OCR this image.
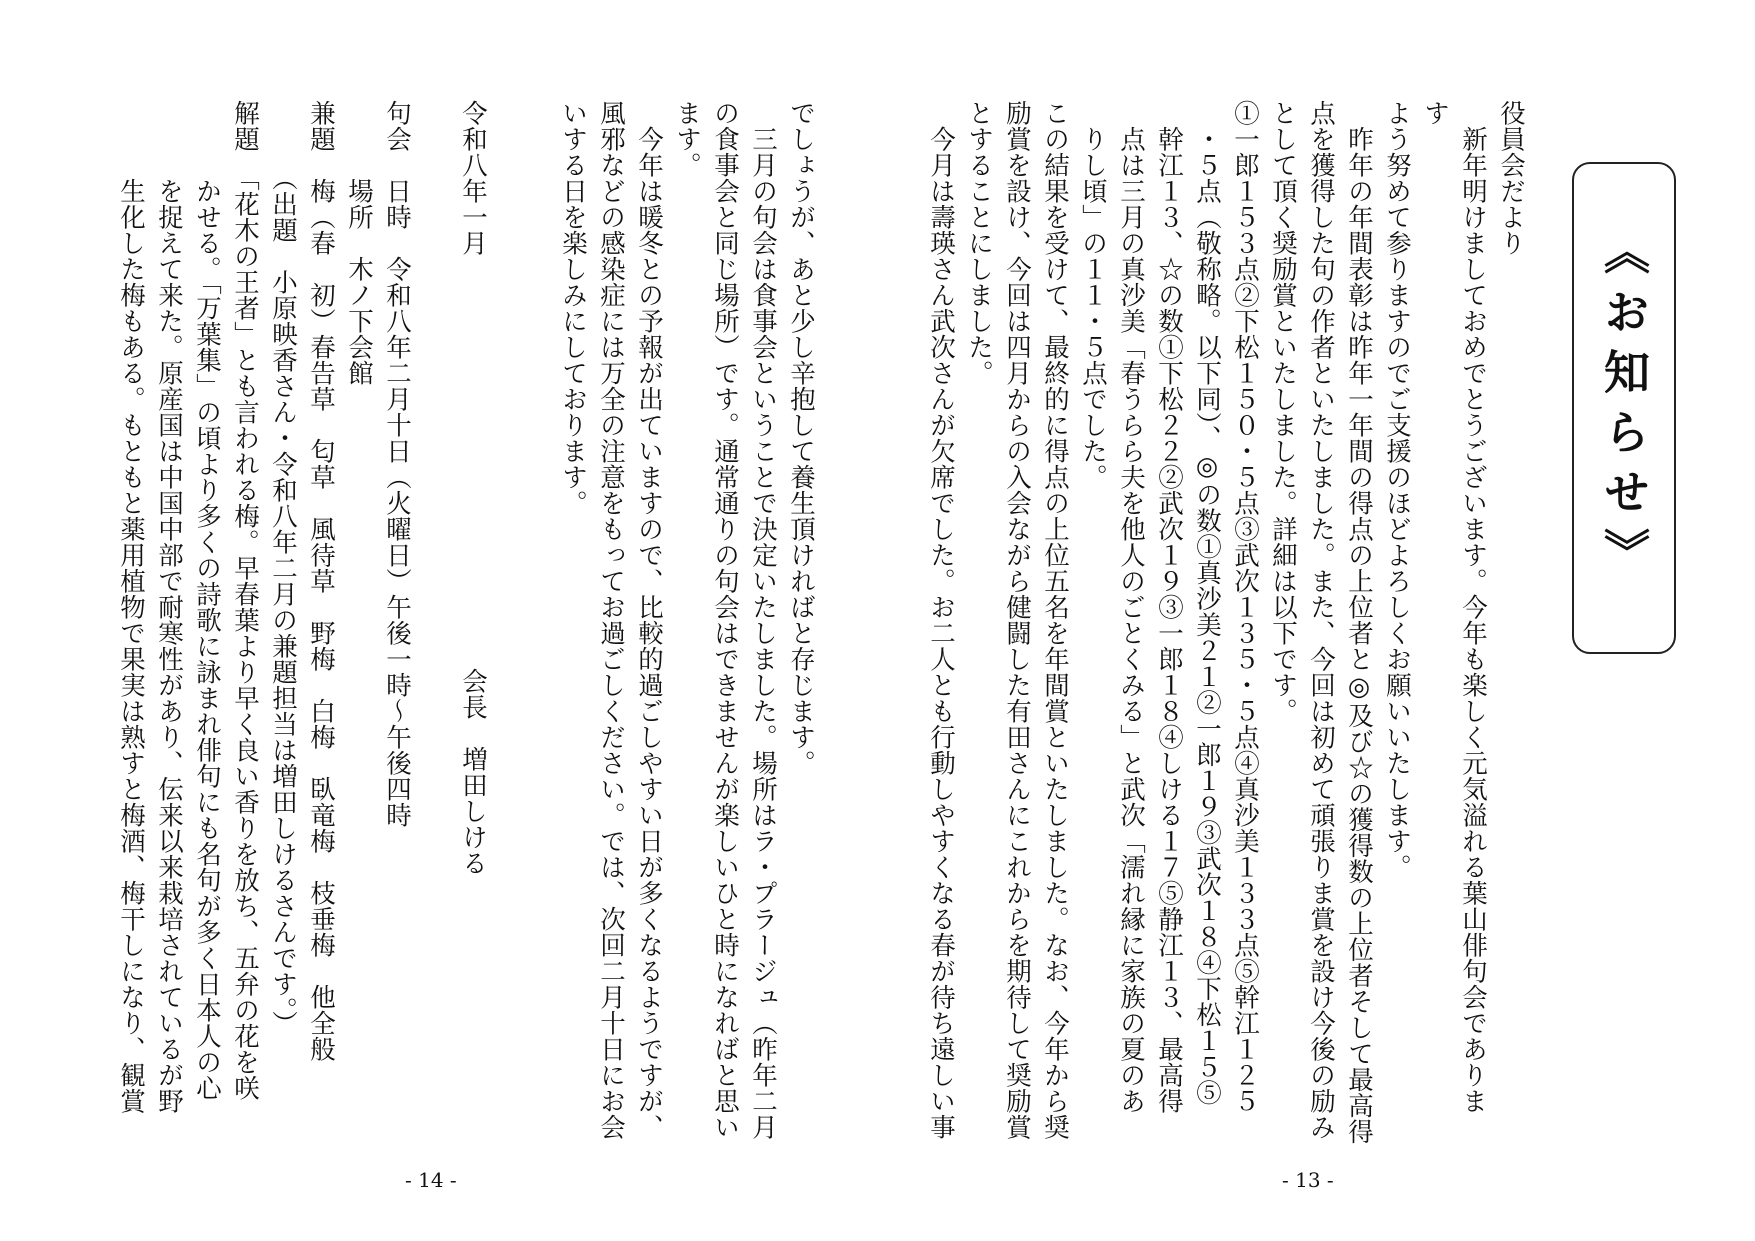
《お知らせ》
役員会だより
　新年明けましておめでとうございます。今年も楽しく元気溢れる葉山俳句会でありま
す
よう努めて参りますのでご支援のほどよろしくお願いいたします。
　昨年の年間表彰は昨年一年間の得点の上位者と◎及び☆の獲得数の上位者そして最高得
点を獲得した句の作者といたしました。また、今回は初めて頑張りま賞を設け今後の励み
として頂く奨励賞といたしました。詳細は以下です。
①一郎１５３点②下松１５０・５点③武次１３５・５点④真沙美１３３点⑤幹江１２５
　・５点（敬称略。以下同）、◎の数①真沙美２１②一郎１９③武次１８④下松１５⑤
　幹江１３、☆の数①下松２２②武次１９③一郎１８④しける１７⑤静江１３、最高得
　点は三月の真沙美「春うらら夫を他人のごとくみる」と武次「濡れ縁に家族の夏のあ
　りし頃」の１１・５点でした。
この結果を受けて、最終的に得点の上位五名を年間賞といたしました。なお、今年から奨
励賞を設け、今回は四月からの入会ながら健闘した有田さんにこれからを期待して奨励賞
とすることにしました。
　今月は壽瑛さん武次さんが欠席でした。お二人とも行動しやすくなる春が待ち遠しい事
でしょうが、あと少し辛抱して養生頂ければと存じます。
　三月の句会は食事会ということで決定いたしました。場所はラ・プラージュ（昨年二月
の食事会と同じ場所）です。通常通りの句会はできませんが楽しいひと時になればと思い
ます。
　今年は暖冬との予報が出ていますので、比較的過ごしやすい日が多くなるようですが、
風邪などの感染症には万全の注意をもってお過ごしください。では、次回二月十日にお会
いする日を楽しみにしております。
令和八年一月
会長　増田しける
句会　日時　令和八年二月十日（火曜日）午後一時～午後四時
　　　場所　木ノ下会館
兼題　梅（春　初）春告草　匂草　風待草　野梅　白梅　臥竜梅　枝垂梅　他全般
　　　（出題　小原映香さん・令和八年二月の兼題担当は増田しけるさんです。）
解題　「花木の王者」とも言われる梅。早春葉より早く良い香りを放ち、五弁の花を咲
　　　かせる。「万葉集」の頃より多くの詩歌に詠まれ俳句にも名句が多く日本人の心
　　　を捉えて来た。原産国は中国中部で耐寒性があり、伝来以来栽培されているが野
　　　生化した梅もある。もともと薬用植物で果実は熟すと梅酒、梅干しになり、観賞
- 14 -	- 13 -
